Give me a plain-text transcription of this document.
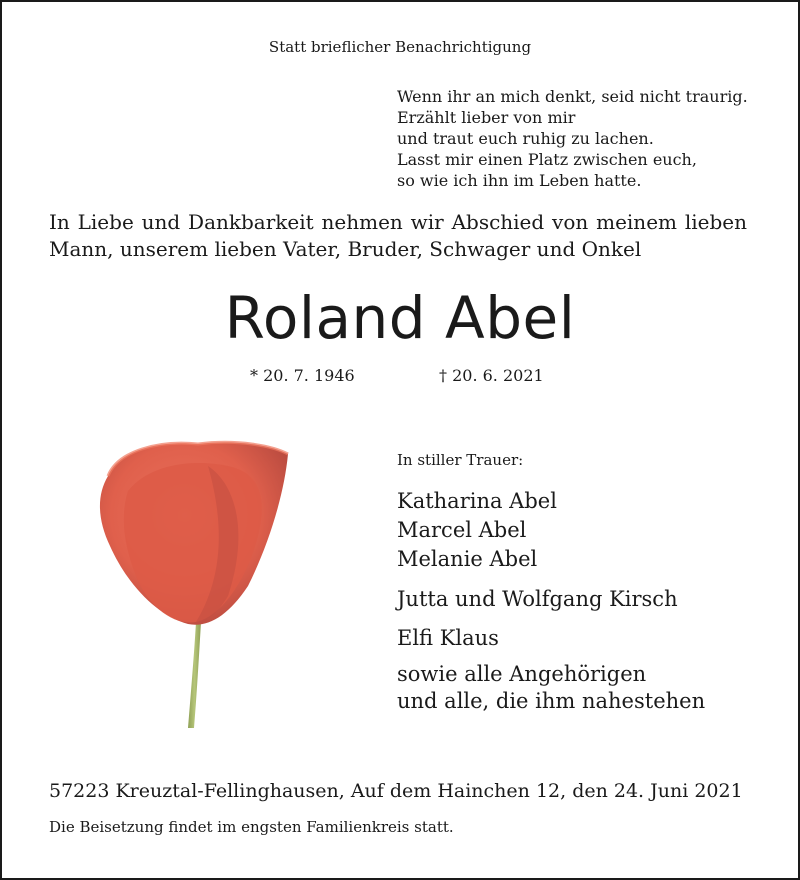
Statt brieflicher Benachrichtigung
Wenn ihr an mich denkt, seid nicht traurig.
Erzählt lieber von mir
und traut euch ruhig zu lachen.
Lasst mir einen Platz zwischen euch,
so wie ich ihn im Leben hatte.
In Liebe und Dankbarkeit nehmen wir Abschied von meinem lieben
Mann, unserem lieben Vater, Bruder, Schwager und Onkel
Roland Abel
* 20. 7. 1946	† 20. 6. 2021
In stiller Trauer:
Katharina Abel
Marcel Abel
Melanie Abel
Jutta und Wolfgang Kirsch
Elfi Klaus
sowie alle Angehörigen
und alle, die ihm nahestehen
57223 Kreuztal-Fellinghausen, Auf dem Hainchen 12, den 24. Juni 2021
Die Beisetzung findet im engsten Familienkreis statt.
